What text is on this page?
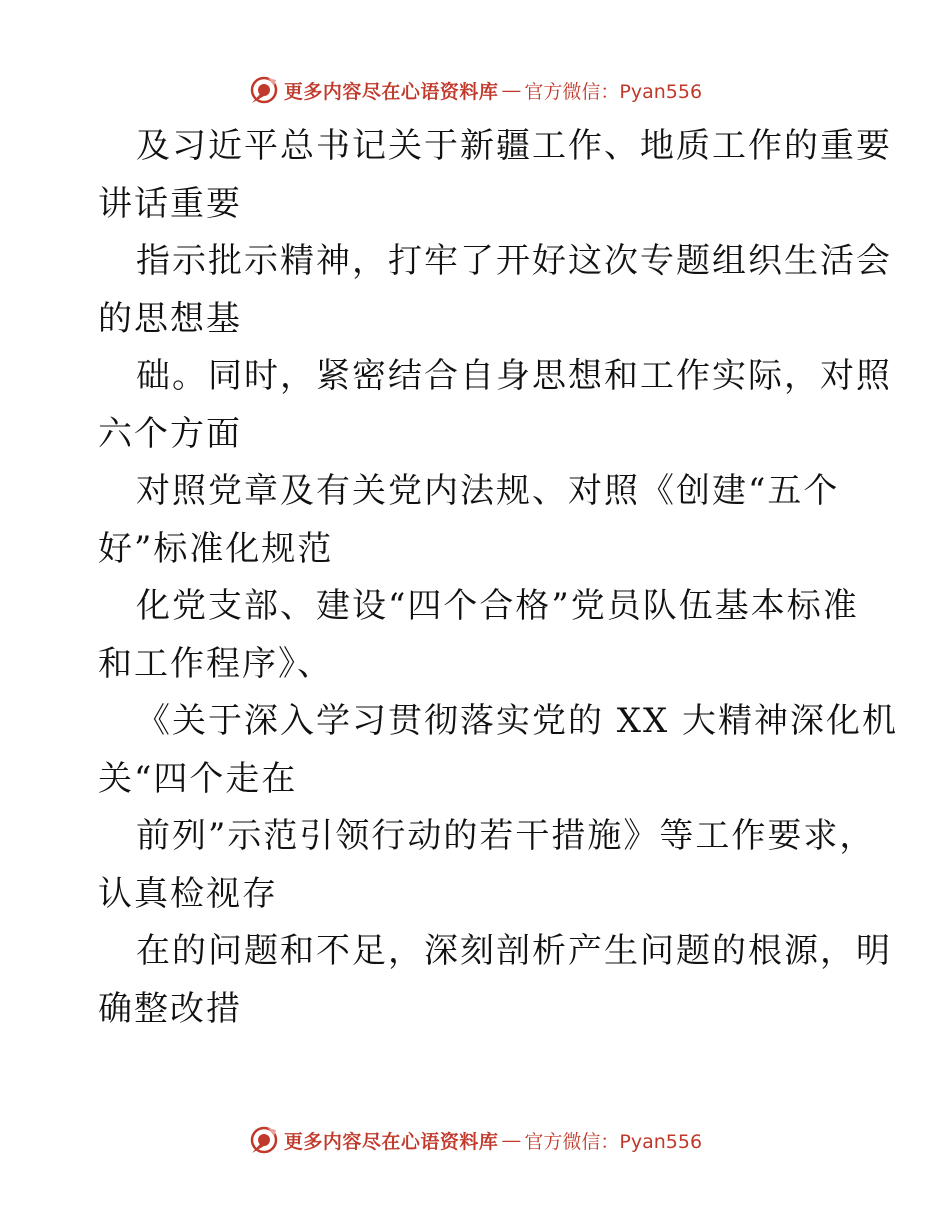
更多内容尽在心语资料库 — 官方微信：Pyan556
及习近平总书记关于新疆工作、地质工作的重要
讲话重要
指示批示精神，打牢了开好这次专题组织生活会
的思想基
础。同时，紧密结合自身思想和工作实际，对照
六个方面
对照党章及有关党内法规、对照《创建“五个
好”标准化规范
化党支部、建设“四个合格”党员队伍基本标准
和工作程序》、
《关于深入学习贯彻落实党的 XX 大精神深化机
关“四个走在
前列”示范引领行动的若干措施》等工作要求，
认真检视存
在的问题和不足，深刻剖析产生问题的根源，明
确整改措
更多内容尽在心语资料库 — 官方微信：Pyan556
